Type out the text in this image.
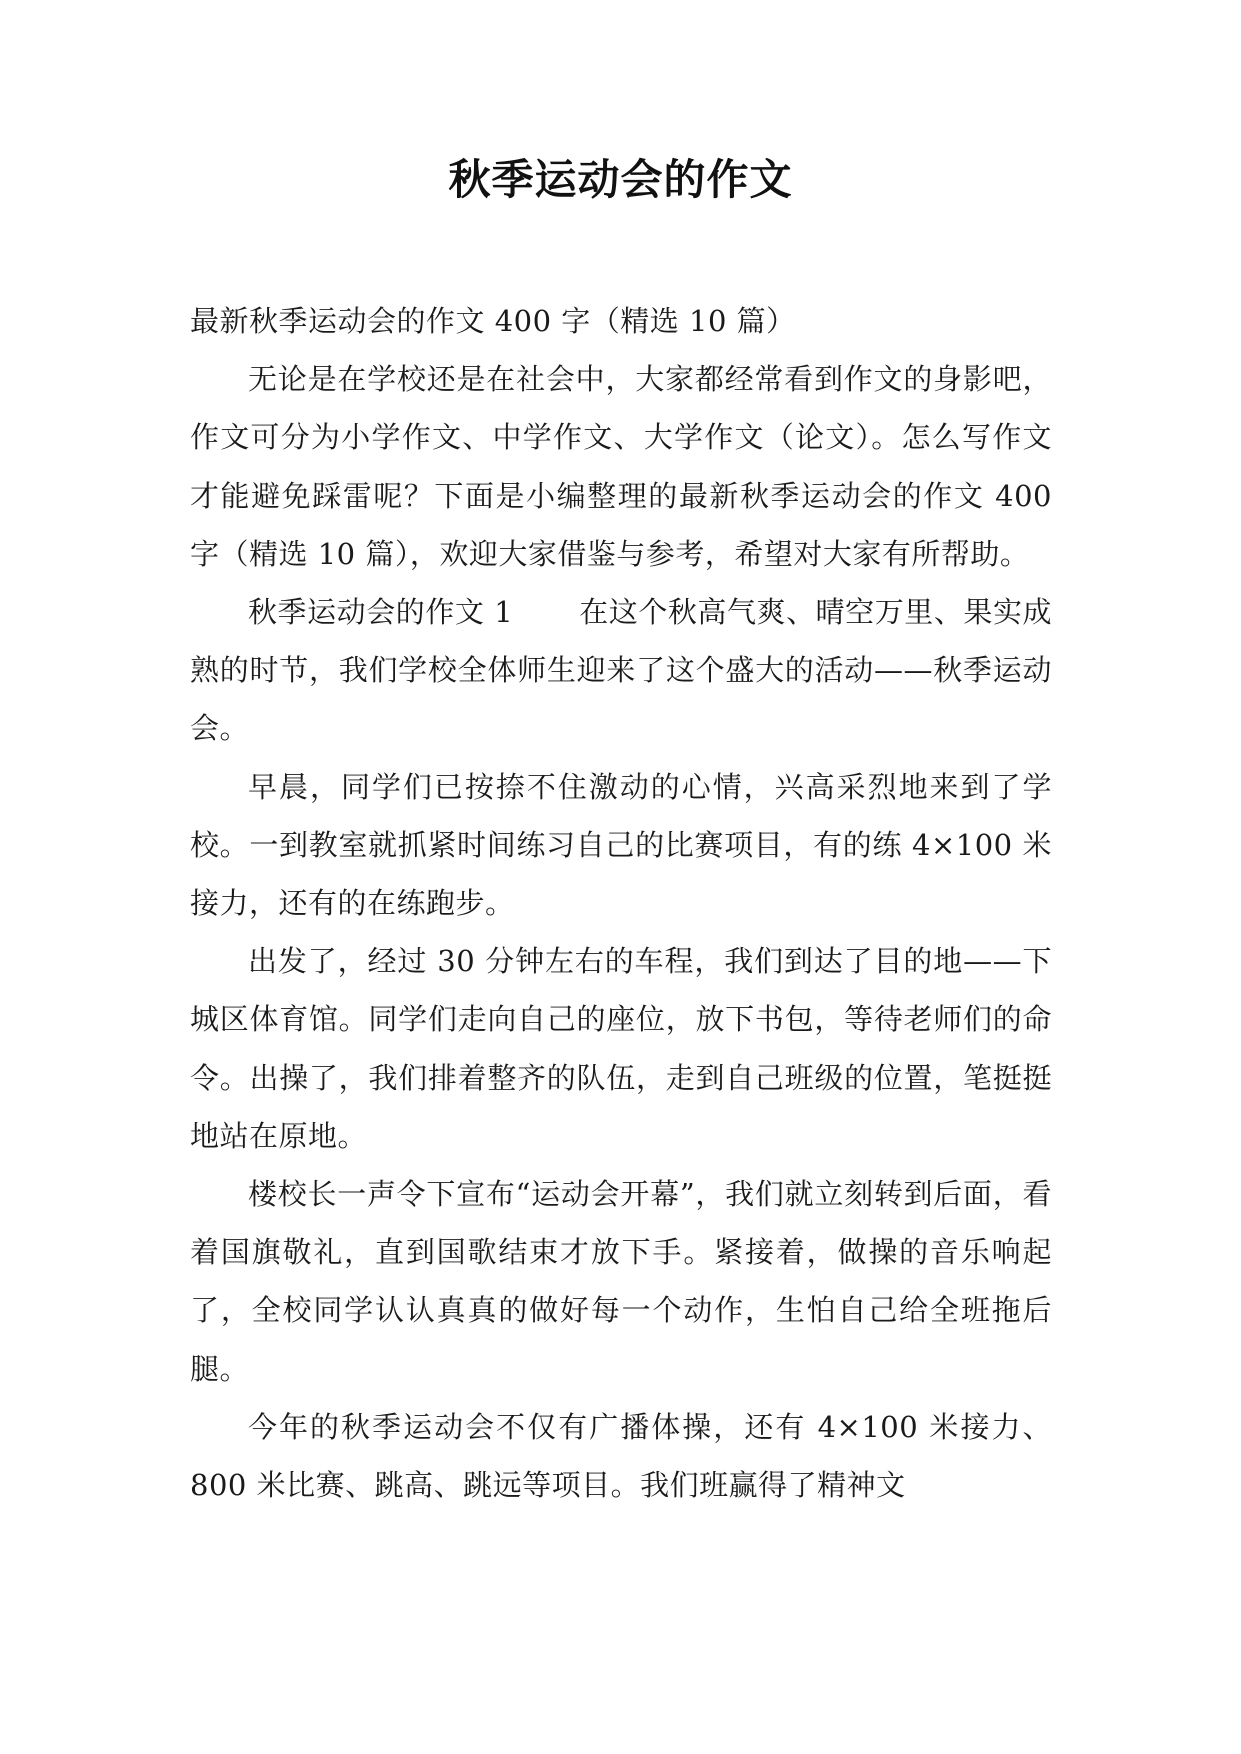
秋季运动会的作文

最新秋季运动会的作文 400 字（精选 10 篇）

无论是在学校还是在社会中，大家都经常看到作文的身影吧，作文可分为小学作文、中学作文、大学作文（论文）。怎么写作文才能避免踩雷呢？下面是小编整理的最新秋季运动会的作文 400 字（精选 10 篇），欢迎大家借鉴与参考，希望对大家有所帮助。

秋季运动会的作文 1 在这个秋高气爽、晴空万里、果实成熟的时节，我们学校全体师生迎来了这个盛大的活动——秋季运动会。

早晨，同学们已按捺不住激动的心情，兴高采烈地来到了学校。一到教室就抓紧时间练习自己的比赛项目，有的练 4×100 米接力，还有的在练跑步。

出发了，经过 30 分钟左右的车程，我们到达了目的地——下城区体育馆。同学们走向自己的座位，放下书包，等待老师们的命令。出操了，我们排着整齐的队伍，走到自己班级的位置，笔挺挺地站在原地。

楼校长一声令下宣布“运动会开幕”，我们就立刻转到后面，看着国旗敬礼，直到国歌结束才放下手。紧接着，做操的音乐响起了，全校同学认认真真的做好每一个动作，生怕自己给全班拖后腿。

今年的秋季运动会不仅有广播体操，还有 4×100 米接力、800 米比赛、跳高、跳远等项目。我们班赢得了精神文
